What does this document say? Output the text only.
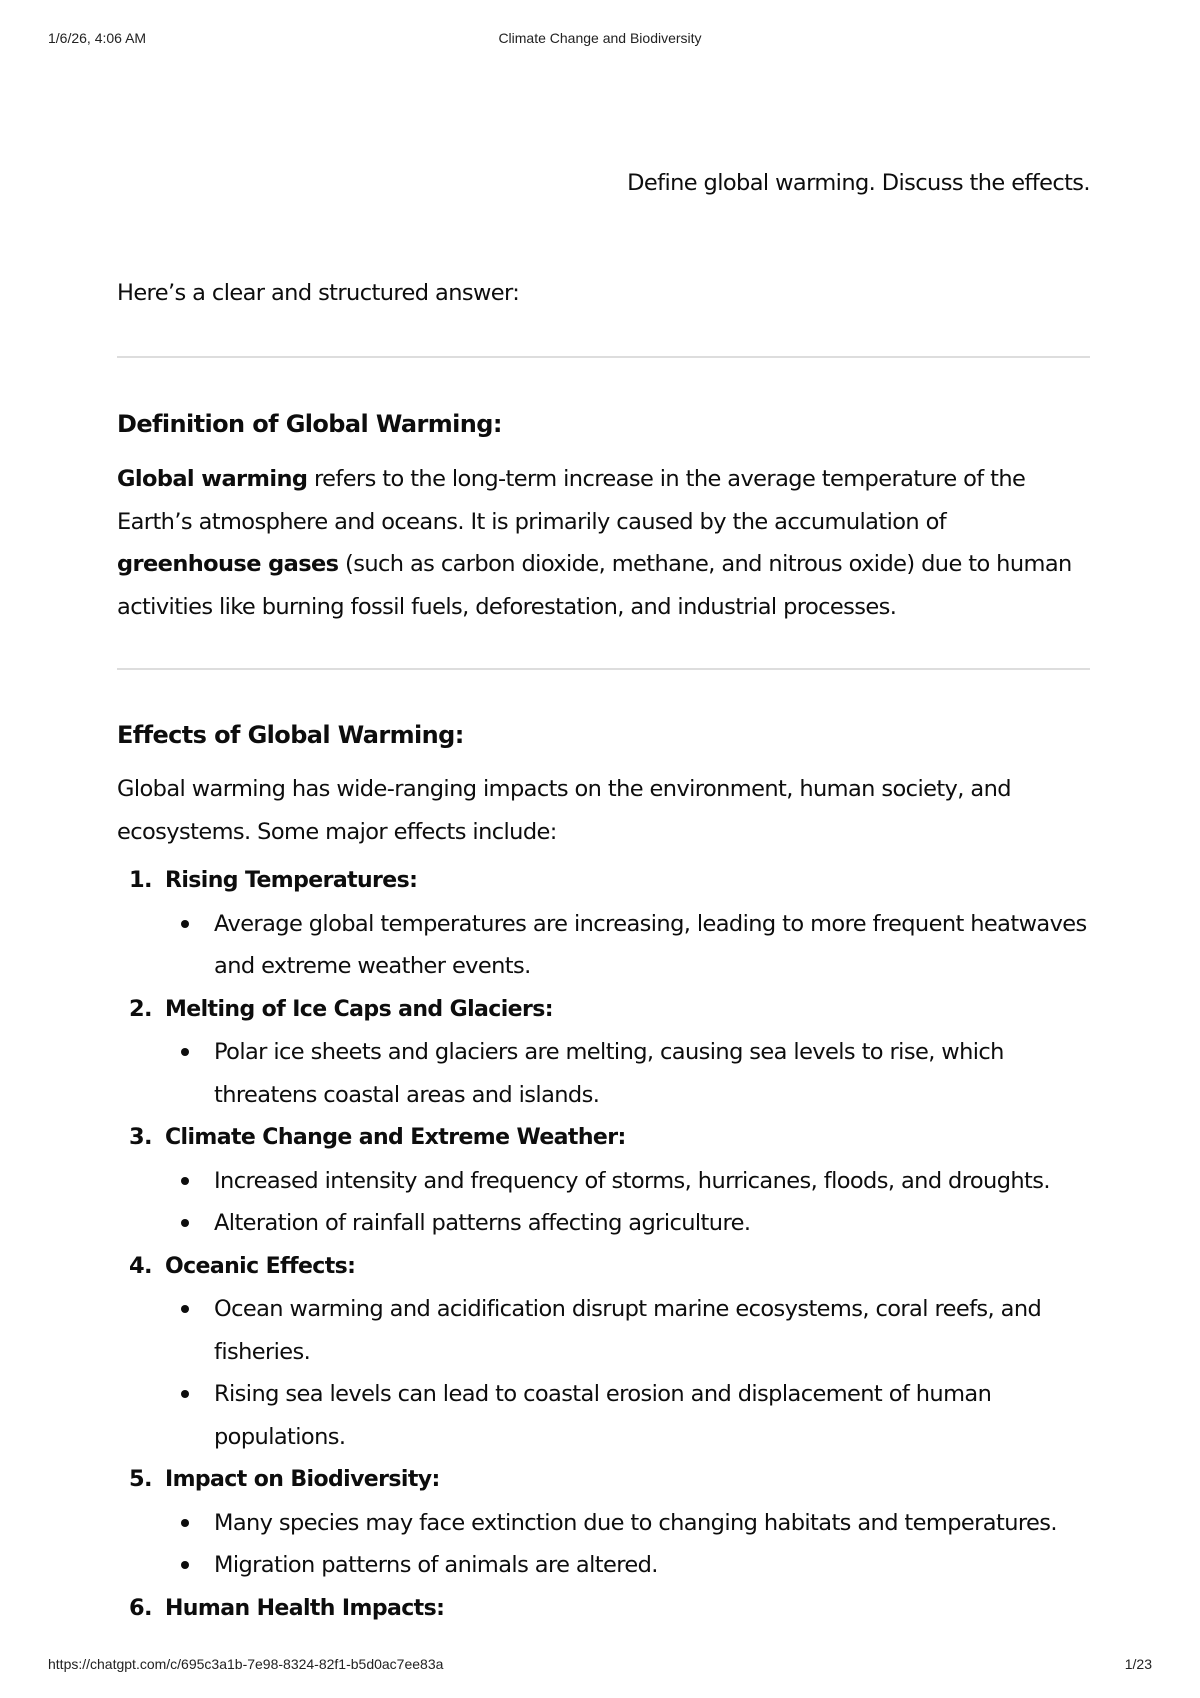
1/6/26, 4:06 AM	Climate Change and Biodiversity
Define global warming. Discuss the effects.
Here’s a clear and structured answer:
Definition of Global Warming:
Global warming refers to the long-term increase in the average temperature of the Earth’s atmosphere and oceans. It is primarily caused by the accumulation of greenhouse gases (such as carbon dioxide, methane, and nitrous oxide) due to human activities like burning fossil fuels, deforestation, and industrial processes.
Effects of Global Warming:
Global warming has wide-ranging impacts on the environment, human society, and ecosystems. Some major effects include:
1. Rising Temperatures:
Average global temperatures are increasing, leading to more frequent heatwaves and extreme weather events.
2. Melting of Ice Caps and Glaciers:
Polar ice sheets and glaciers are melting, causing sea levels to rise, which threatens coastal areas and islands.
3. Climate Change and Extreme Weather:
Increased intensity and frequency of storms, hurricanes, floods, and droughts.
Alteration of rainfall patterns affecting agriculture.
4. Oceanic Effects:
Ocean warming and acidification disrupt marine ecosystems, coral reefs, and fisheries.
Rising sea levels can lead to coastal erosion and displacement of human populations.
5. Impact on Biodiversity:
Many species may face extinction due to changing habitats and temperatures.
Migration patterns of animals are altered.
6. Human Health Impacts:
https://chatgpt.com/c/695c3a1b-7e98-8324-82f1-b5d0ac7ee83a	1/23
